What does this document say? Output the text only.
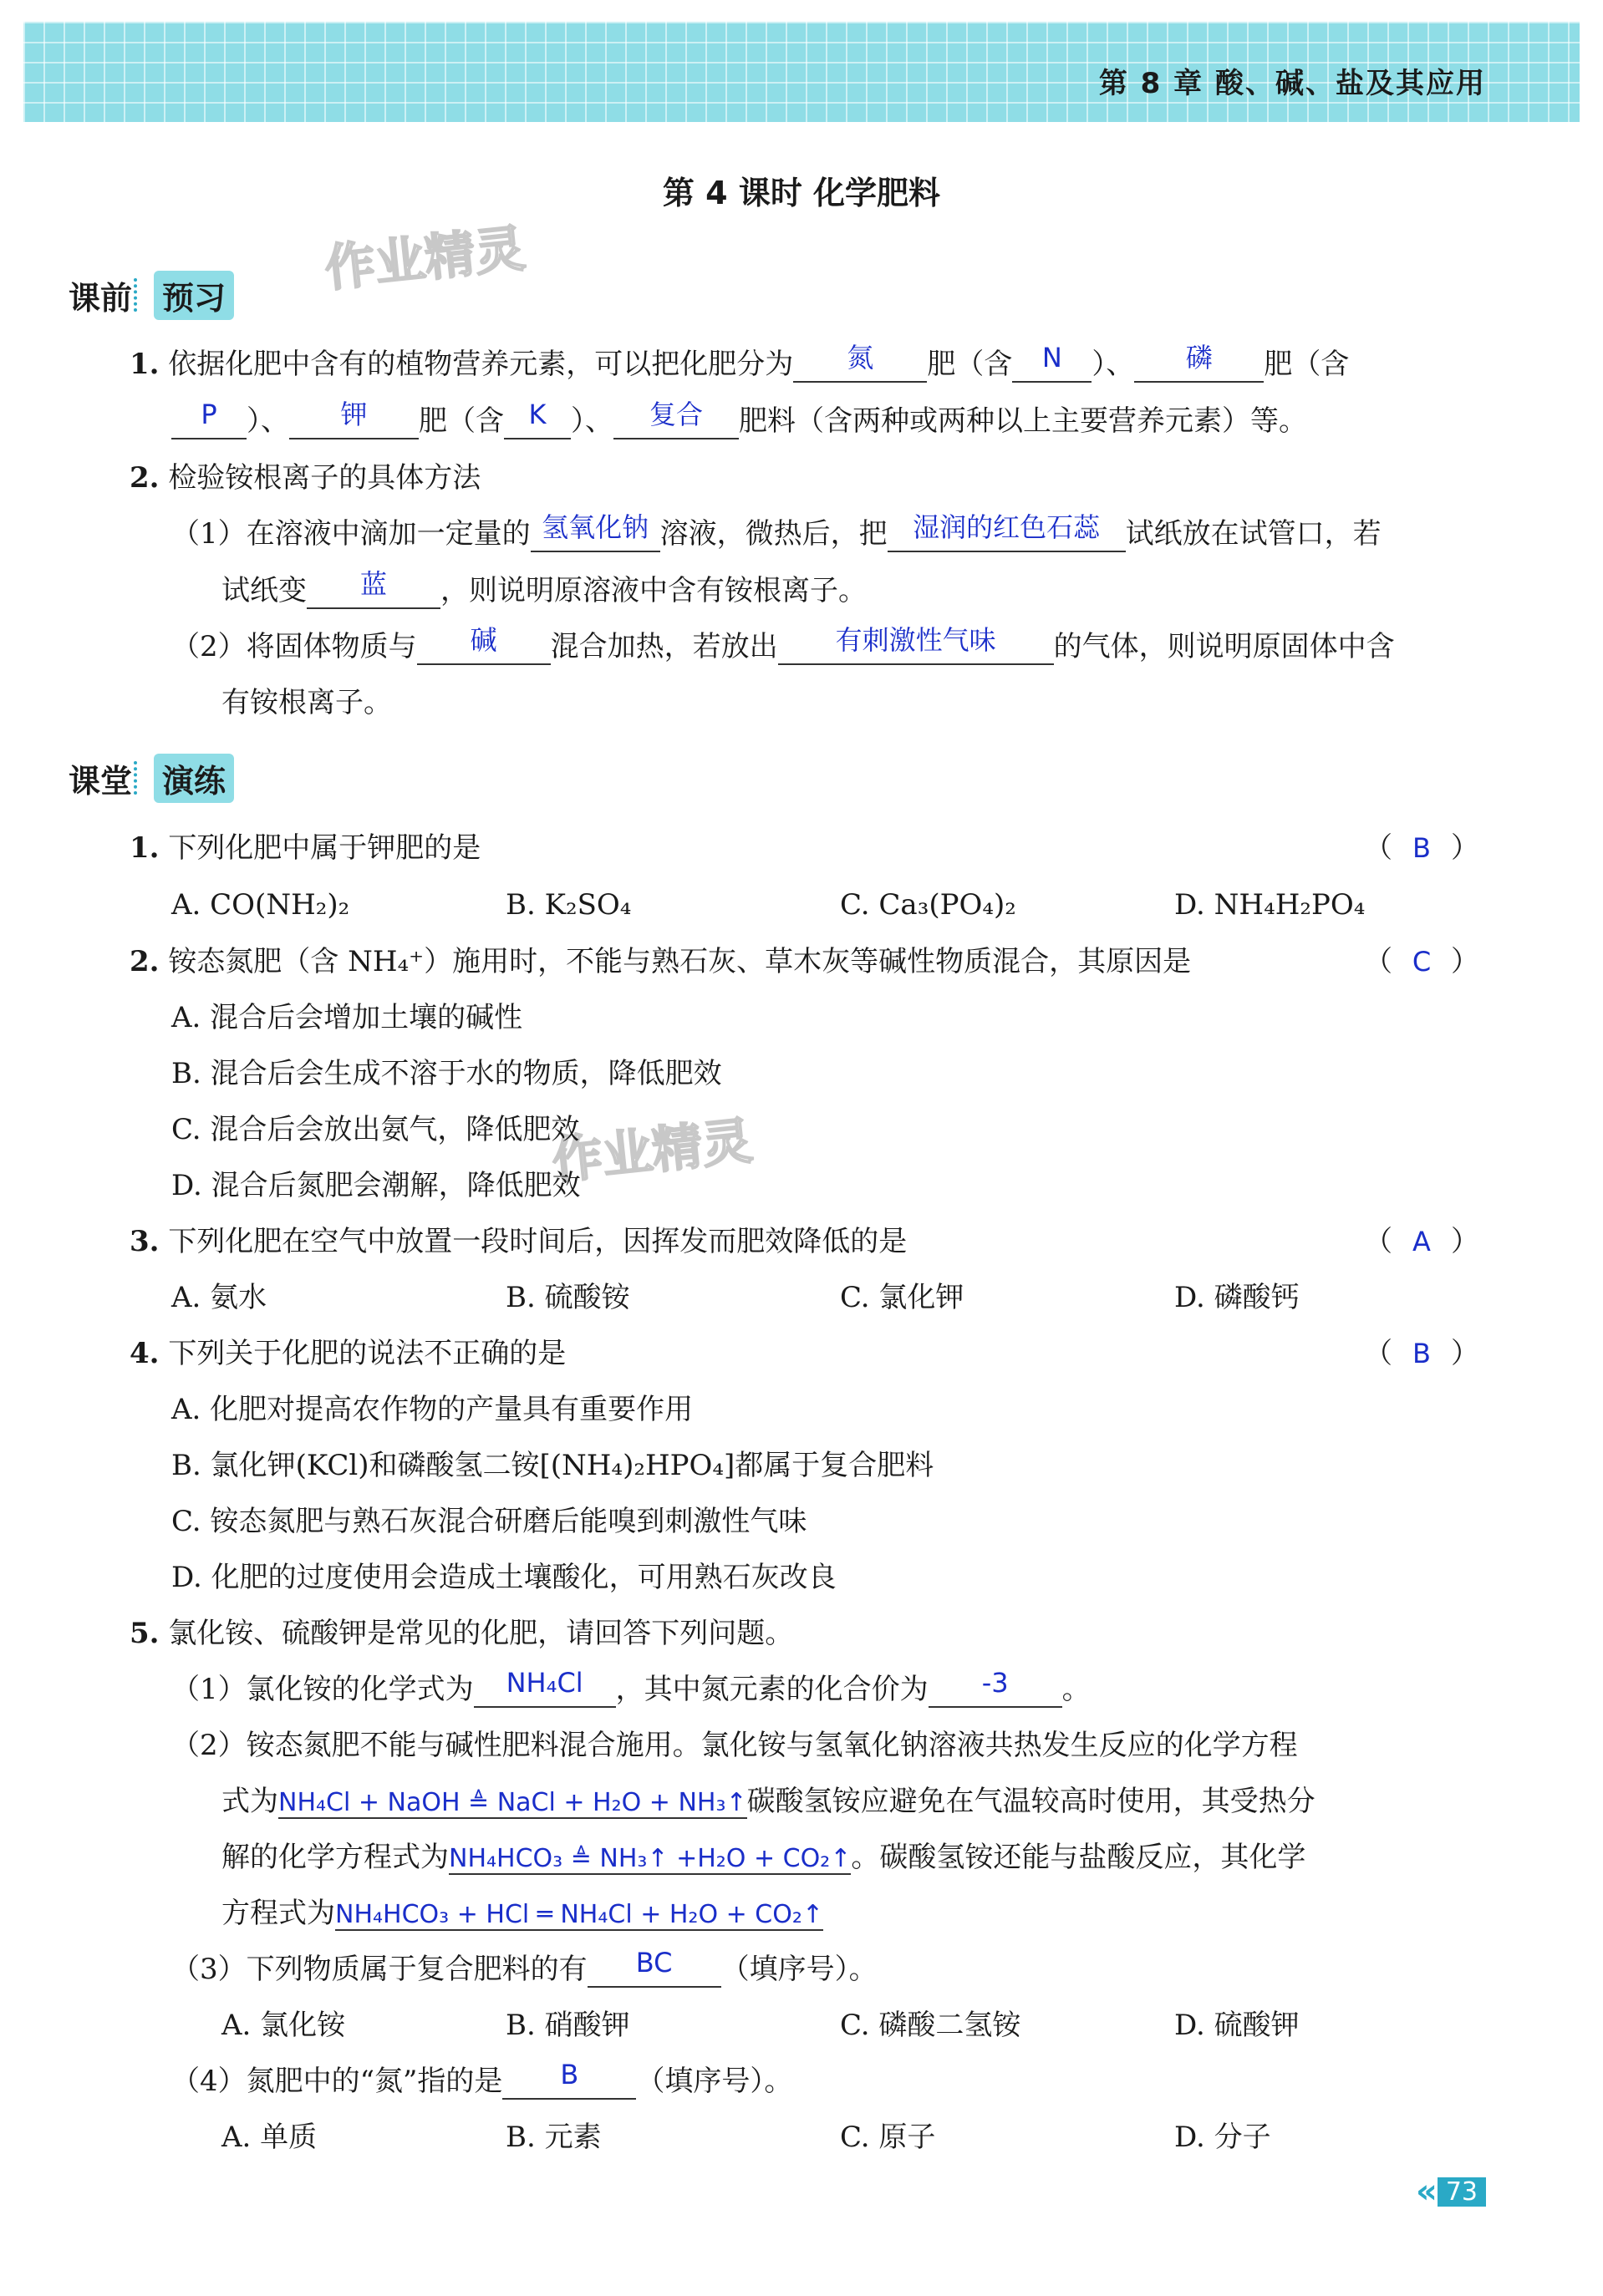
第 8 章 酸、碱、盐及其应用
第 4 课时 化学肥料
作业精灵
作业精灵
课前 预习
1. 依据化肥中含有的植物营养元素，可以把化肥分为	氮	肥（含	N	）、	磷	肥（含
P	）、	钾	肥（含 K ）、	复合	肥料（含两种或两种以上主要营养元素）等。
2. 检验铵根离子的具体方法
（1）在溶液中滴加一定量的 氢氧化钠 溶液，微热后，把 湿润的红色石蕊 试纸放在试管口，若
试纸变	蓝	，则说明原溶液中含有铵根离子。
（2）将固体物质与	碱	混合加热，若放出	有刺激性气味	的气体，则说明原固体中含
有铵根离子。
课堂 演练
1. 下列化肥中属于钾肥的是	（ B ）
A. CO(NH₂)₂	B. K₂SO₄	C. Ca₃(PO₄)₂	D. NH₄H₂PO₄
2. 铵态氮肥（含 NH₄⁺）施用时，不能与熟石灰、草木灰等碱性物质混合，其原因是	（ C ）
A. 混合后会增加土壤的碱性
B. 混合后会生成不溶于水的物质，降低肥效
C. 混合后会放出氨气，降低肥效
D. 混合后氮肥会潮解，降低肥效
3. 下列化肥在空气中放置一段时间后，因挥发而肥效降低的是	（ A ）
A. 氨水	B. 硫酸铵	C. 氯化钾	D. 磷酸钙
4. 下列关于化肥的说法不正确的是	（ B ）
A. 化肥对提高农作物的产量具有重要作用
B. 氯化钾(KCl)和磷酸氢二铵[(NH₄)₂HPO₄]都属于复合肥料
C. 铵态氮肥与熟石灰混合研磨后能嗅到刺激性气味
D. 化肥的过度使用会造成土壤酸化，可用熟石灰改良
5. 氯化铵、硫酸钾是常见的化肥，请回答下列问题。
（1）氯化铵的化学式为	NH₄Cl	，其中氮元素的化合价为	-3	。
（2）铵态氮肥不能与碱性肥料混合施用。氯化铵与氢氧化钠溶液共热发生反应的化学方程
式为NH₄Cl + NaOH ≜ NaCl + H₂O + NH₃↑碳酸氢铵应避免在气温较高时使用，其受热分
解的化学方程式为NH₄HCO₃ ≜ NH₃↑ +H₂O + CO₂↑。碳酸氢铵还能与盐酸反应，其化学
方程式为NH₄HCO₃ + HCl ═ NH₄Cl + H₂O + CO₂↑
（3）下列物质属于复合肥料的有	BC	（填序号）。
A. 氯化铵	B. 硝酸钾	C. 磷酸二氢铵	D. 硫酸钾
（4）氮肥中的“氮”指的是	B	（填序号）。
A. 单质	B. 元素	C. 原子	D. 分子
« 73
